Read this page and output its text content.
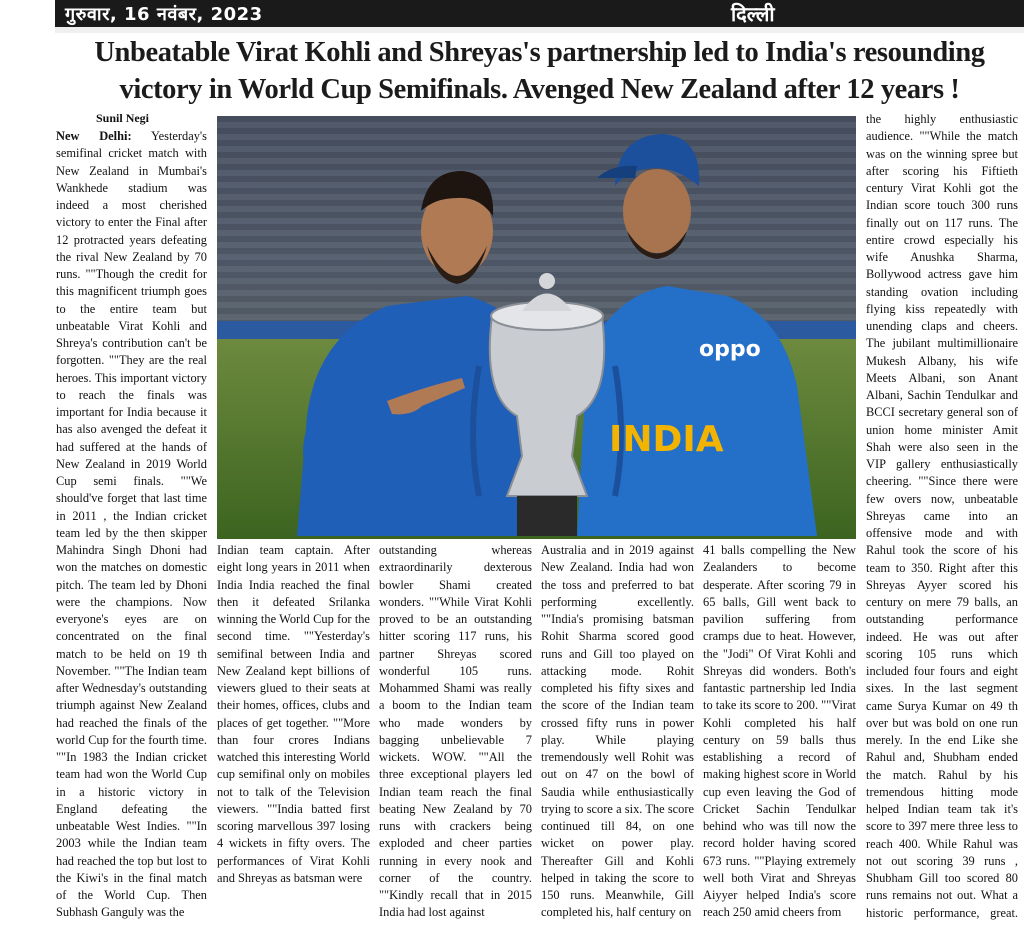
गुरुवार, 16 नवंबर, 2023	दिल्ली
Unbeatable Virat Kohli and Shreyas's partnership led to India's resounding
victory in World Cup Semifinals. Avenged New Zealand after 12 years !
Sunil Negi
New Delhi: Yesterday's semifinal cricket match with New Zealand in Mumbai's Wankhede stadium was indeed a most cherished victory to enter the Final after 12 protracted years defeating the rival New Zealand by 70 runs. ""Though the credit for this magnificent triumph goes to the entire team but unbeatable Virat Kohli and Shreya's contribution can't be forgotten. ""They are the real heroes. This important victory to reach the finals was important for India because it has also avenged the defeat it had suffered at the hands of New Zealand in 2019 World Cup semi finals. ""We should've forget that last time in 2011 , the Indian cricket team led by the then skipper Mahindra Singh Dhoni had won the matches on domestic pitch. The team led by Dhoni were the champions. Now everyone's eyes are on concentrated on the final match to be held on 19 th November. ""The Indian team after Wednesday's outstanding triumph against New Zealand had reached the finals of the world Cup for the fourth time. ""In 1983 the Indian cricket team had won the World Cup in a historic victory in England defeating the unbeatable West Indies. ""In 2003 while the Indian team had reached the top but lost to the Kiwi's in the final match of the World Cup. Then Subhash Ganguly was the
oppo
INDIA
Indian team captain. After eight long years in 2011 when India India reached the final then it defeated Srilanka winning the World Cup for the second time. ""Yesterday's semifinal between India and New Zealand kept billions of viewers glued to their seats at their homes, offices, clubs and places of get together. ""More than four crores Indians watched this interesting World cup semifinal only on mobiles not to talk of the Television viewers. ""India batted first scoring marvellous 397 losing 4 wickets in fifty overs. The performances of Virat Kohli and Shreyas as batsman were
outstanding whereas extraordinarily dexterous bowler Shami created wonders. ""While Virat Kohli proved to be an outstanding hitter scoring 117 runs, his partner Shreyas scored wonderful 105 runs. Mohammed Shami was really a boom to the Indian team who made wonders by bagging unbelievable 7 wickets. WOW. ""All the three exceptional players led Indian team reach the final beating New Zealand by 70 runs with crackers being exploded and cheer parties running in every nook and corner of the country. ""Kindly recall that in 2015 India had lost against
Australia and in 2019 against New Zealand. India had won the toss and preferred to bat performing excellently. ""India's promising batsman Rohit Sharma scored good runs and Gill too played on attacking mode. Rohit completed his fifty sixes and the score of the Indian team crossed fifty runs in power play. While playing tremendously well Rohit was out on 47 on the bowl of Saudia while enthusiastically trying to score a six. The score continued till 84, on one wicket on power play. Thereafter Gill and Kohli helped in taking the score to 150 runs. Meanwhile, Gill completed his, half century on
41 balls compelling the New Zealanders to become desperate. After scoring 79 in 65 balls, Gill went back to pavilion suffering from cramps due to heat. However, the "Jodi" Of Virat Kohli and Shreyas did wonders. Both's fantastic partnership led India to take its score to 200. ""Virat Kohli completed his half century on 59 balls thus establishing a record of making highest score in World cup even leaving the God of Cricket Sachin Tendulkar behind who was till now the record holder having scored 673 runs. ""Playing extremely well both Virat and Shreyas Aiyyer helped India's score reach 250 amid cheers from
the highly enthusiastic audience. ""While the match was on the winning spree but after scoring his Fiftieth century Virat Kohli got the Indian score touch 300 runs finally out on 117 runs. The entire crowd especially his wife Anushka Sharma, Bollywood actress gave him standing ovation including flying kiss repeatedly with unending claps and cheers. The jubilant multimillionaire Mukesh Albany, his wife Meets Albani, son Anant Albani, Sachin Tendulkar and BCCI secretary general son of union home minister Amit Shah were also seen in the VIP gallery enthusiastically cheering. ""Since there were few overs now, unbeatable Shreyas came into an offensive mode and with Rahul took the score of his team to 350. Right after this Shreyas Ayyer scored his century on mere 79 balls, an outstanding performance indeed. He was out after scoring 105 runs which included four fours and eight sixes. In the last segment came Surya Kumar on 49 th over but was bold on one run merely. In the end Like she Rahul and, Shubham ended the match. Rahul by his tremendous hitting mode helped Indian team tak it's score to 397 mere three less to reach 400. While Rahul was not out scoring 39 runs , Shubham Gill too scored 80 runs remains not out. What a historic performance, great.
